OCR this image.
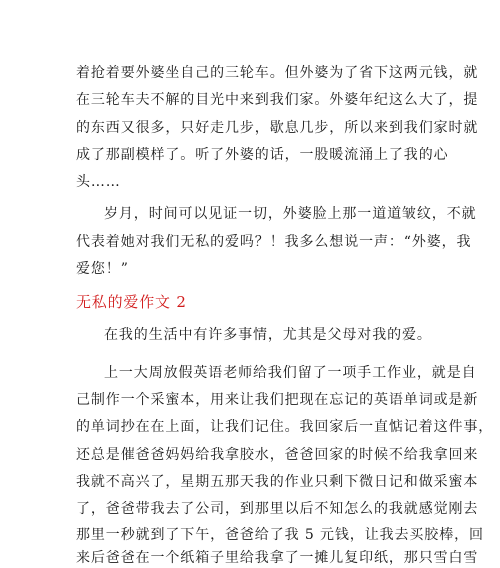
着抢着要外婆坐自己的三轮车。但外婆为了省下这两元钱，就
在三轮车夫不解的目光中来到我们家。外婆年纪这么大了，提
的东西又很多，只好走几步，歇息几步，所以来到我们家时就
成了那副模样了。听了外婆的话，一股暖流涌上了我的心
头……
岁月，时间可以见证一切，外婆脸上那一道道皱纹，不就
代表着她对我们无私的爱吗？！我多么想说一声：“外婆，我
爱您！”
无私的爱作文 2
在我的生活中有许多事情，尤其是父母对我的爱。
上一大周放假英语老师给我们留了一项手工作业，就是自
己制作一个采蜜本，用来让我们把现在忘记的英语单词或是新
的单词抄在在上面，让我们记住。我回家后一直惦记着这件事，
还总是催爸爸妈妈给我拿胶水，爸爸回家的时候不给我拿回来
我就不高兴了，星期五那天我的作业只剩下微日记和做采蜜本
了，爸爸带我去了公司，到那里以后不知怎么的我就感觉刚去
那里一秒就到了下午，爸爸给了我 5 元钱，让我去买胶棒，回
来后爸爸在一个纸箱子里给我拿了一摊儿复印纸，那只雪白雪
